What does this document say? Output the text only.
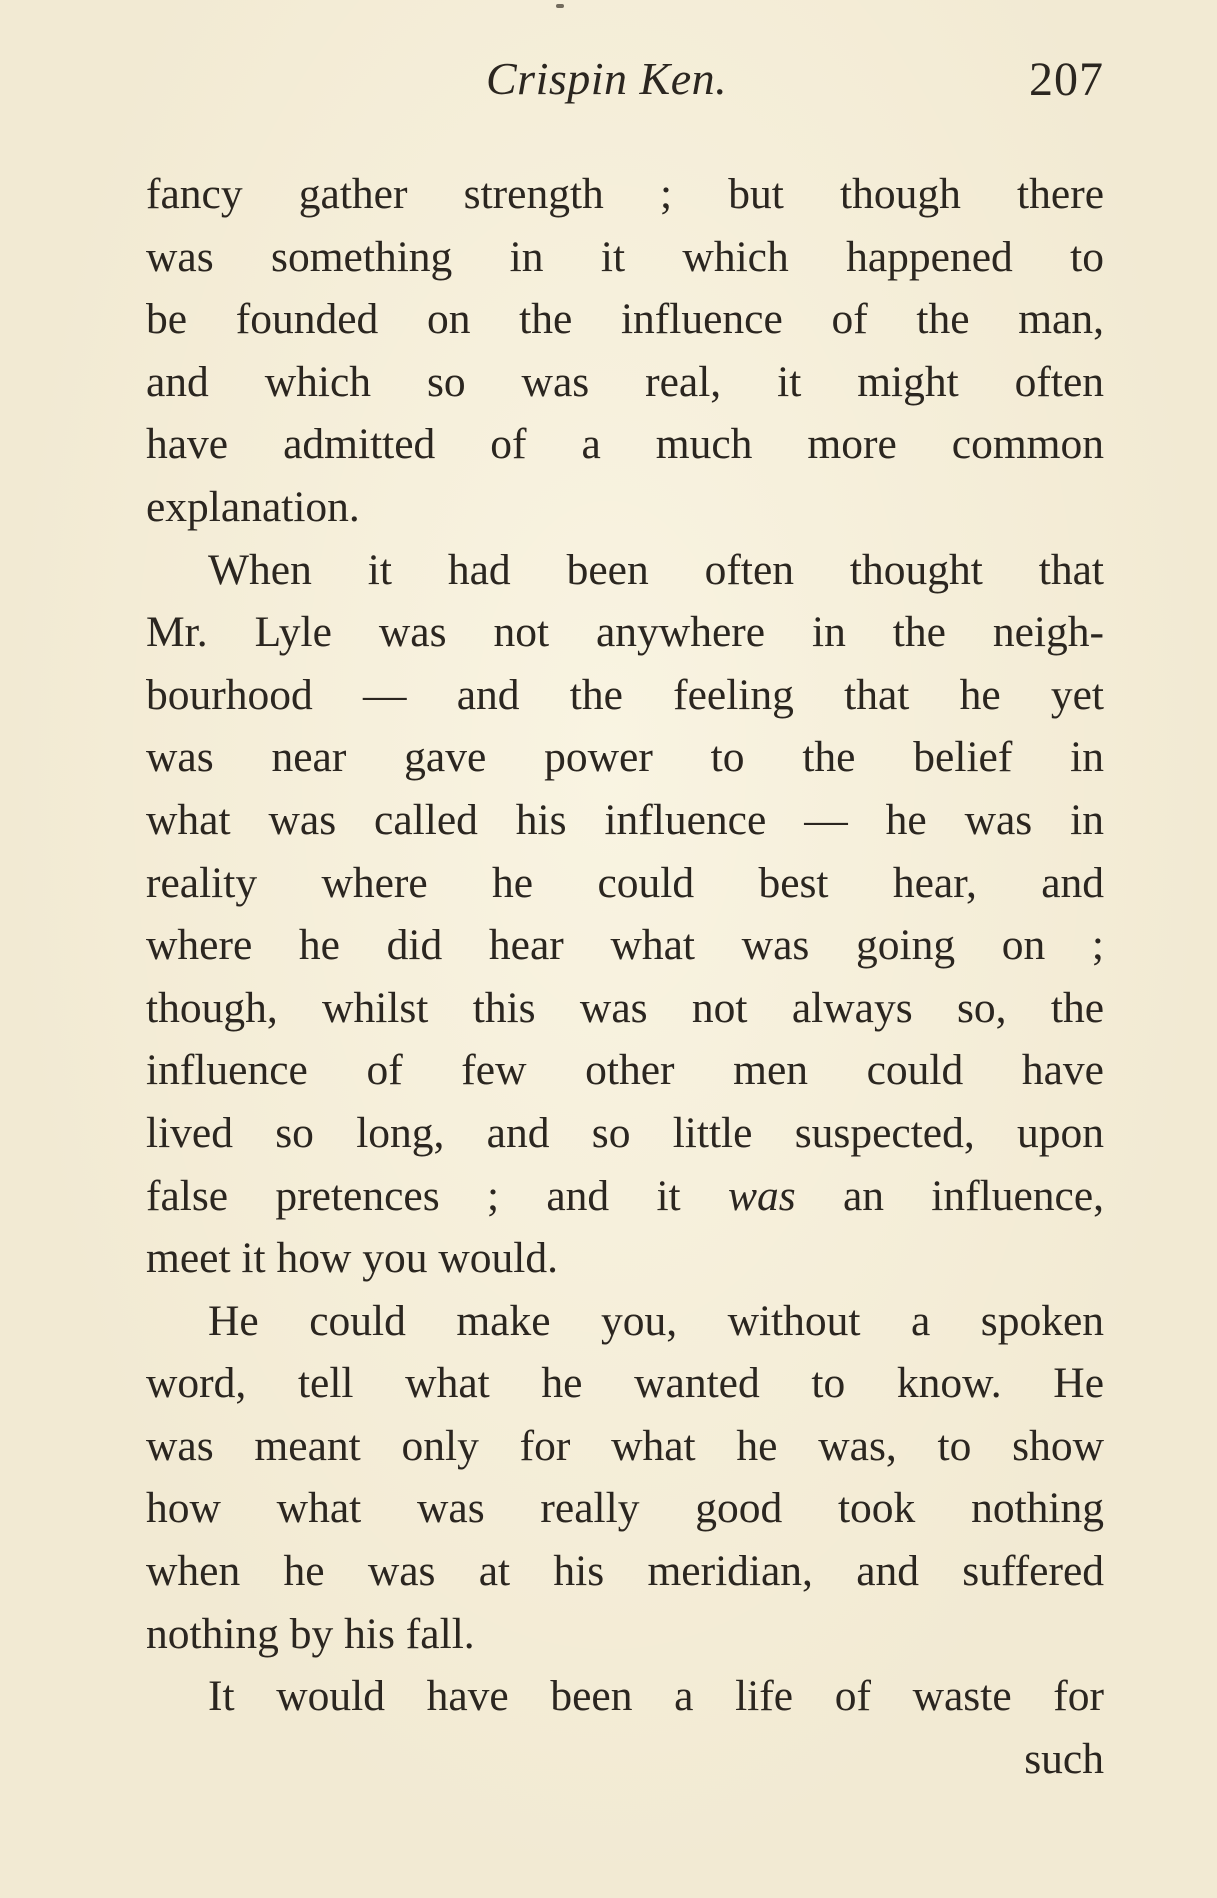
Crispin Ken.	207
fancy gather strength ; but though there
was something in it which happened to
be founded on the influence of the man,
and which so was real, it might often
have admitted of a much more common
explanation.
When it had been often thought that
Mr. Lyle was not anywhere in the neigh-
bourhood — and the feeling that he yet
was near gave power to the belief in
what was called his influence — he was in
reality where he could best hear, and
where he did hear what was going on ;
though, whilst this was not always so, the
influence of few other men could have
lived so long, and so little suspected, upon
false pretences ; and it was an influence,
meet it how you would.
He could make you, without a spoken
word, tell what he wanted to know. He
was meant only for what he was, to show
how what was really good took nothing
when he was at his meridian, and suffered
nothing by his fall.
It would have been a life of waste for
such
